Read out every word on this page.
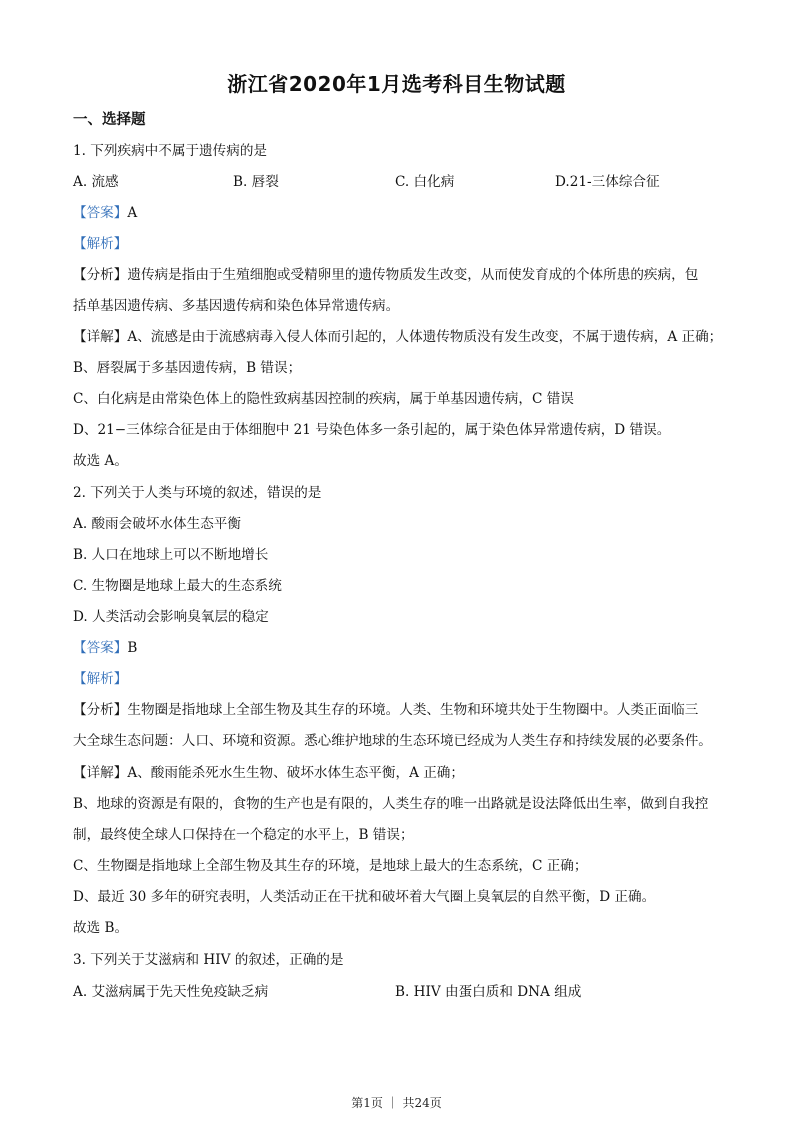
浙江省2020年1月选考科目生物试题
一、选择题
1. 下列疾病中不属于遗传病的是
A. 流感	B. 唇裂	C. 白化病	D.21-三体综合征
【答案】A
【解析】
【分析】遗传病是指由于生殖细胞或受精卵里的遗传物质发生改变，从而使发育成的个体所患的疾病，包
括单基因遗传病、多基因遗传病和染色体异常遗传病。
【详解】A、流感是由于流感病毒入侵人体而引起的，人体遗传物质没有发生改变，不属于遗传病，A 正确；
B、唇裂属于多基因遗传病，B 错误；
C、白化病是由常染色体上的隐性致病基因控制的疾病，属于单基因遗传病，C 错误
D、21−三体综合征是由于体细胞中 21 号染色体多一条引起的，属于染色体异常遗传病，D 错误。
故选 A。
2. 下列关于人类与环境的叙述，错误的是
A. 酸雨会破坏水体生态平衡
B. 人口在地球上可以不断地增长
C. 生物圈是地球上最大的生态系统
D. 人类活动会影响臭氧层的稳定
【答案】B
【解析】
【分析】生物圈是指地球上全部生物及其生存的环境。人类、生物和环境共处于生物圈中。人类正面临三
大全球生态问题：人口、环境和资源。悉心维护地球的生态环境已经成为人类生存和持续发展的必要条件。
【详解】A、酸雨能杀死水生生物、破坏水体生态平衡，A 正确；
B、地球的资源是有限的，食物的生产也是有限的，人类生存的唯一出路就是设法降低出生率，做到自我控
制，最终使全球人口保持在一个稳定的水平上，B 错误；
C、生物圈是指地球上全部生物及其生存的环境，是地球上最大的生态系统，C 正确；
D、最近 30 多年的研究表明，人类活动正在干扰和破坏着大气圈上臭氧层的自然平衡，D 正确。
故选 B。
3. 下列关于艾滋病和 HIV 的叙述，正确的是
A. 艾滋病属于先天性免疫缺乏病	B. HIV 由蛋白质和 DNA 组成
第1页 ｜ 共24页
